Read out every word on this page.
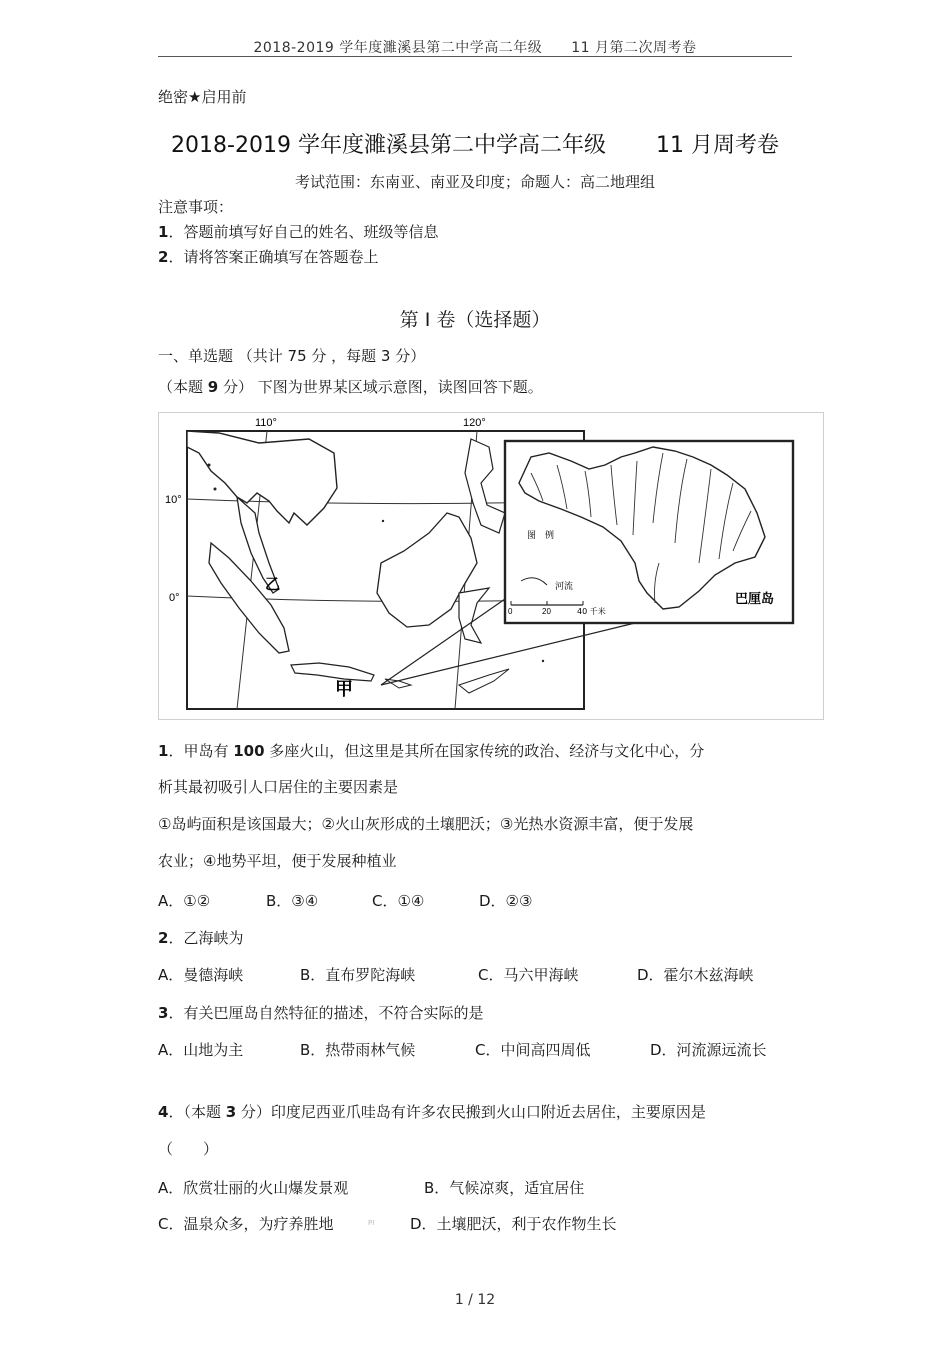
2018-2019 学年度濉溪县第二中学高二年级　　11 月第二次周考卷
绝密★启用前
2018-2019 学年度濉溪县第二中学高二年级 11 月周考卷
考试范围：东南亚、南亚及印度；命题人：高二地理组
注意事项：
1．答题前填写好自己的姓名、班级等信息
2．请将答案正确填写在答题卷上
第 Ⅰ 卷（选择题）
一、单选题 （共计 75 分 ，每题 3 分）
（本题 9 分） 下图为世界某区域示意图，读图回答下题。
110°	120°
10°
0°
乙
甲
图　例
河流
0	20	40 千米
巴厘岛
1．甲岛有 100 多座火山，但这里是其所在国家传统的政治、经济与文化中心，分
析其最初吸引人口居住的主要因素是
①岛屿面积是该国最大；②火山灰形成的土壤肥沃；③光热水资源丰富，便于发展
农业；④地势平坦，便于发展种植业
A．①②	B．③④	C．①④	D．②③
2．乙海峡为
A．曼德海峡	B．直布罗陀海峡	C．马六甲海峡	D．霍尔木兹海峡
3．有关巴厘岛自然特征的描述，不符合实际的是
A．山地为主	B．热带雨林气候	C．中间高四周低	D．河流源远流长
4．（本题 3 分）印度尼西亚爪哇岛有许多农民搬到火山口附近去居住，主要原因是
（　　）
A．欣赏壮丽的火山爆发景观	B．气候凉爽，适宜居住
C．温泉众多，为疗养胜地	PI D．土壤肥沃，利于农作物生长
1 / 12
